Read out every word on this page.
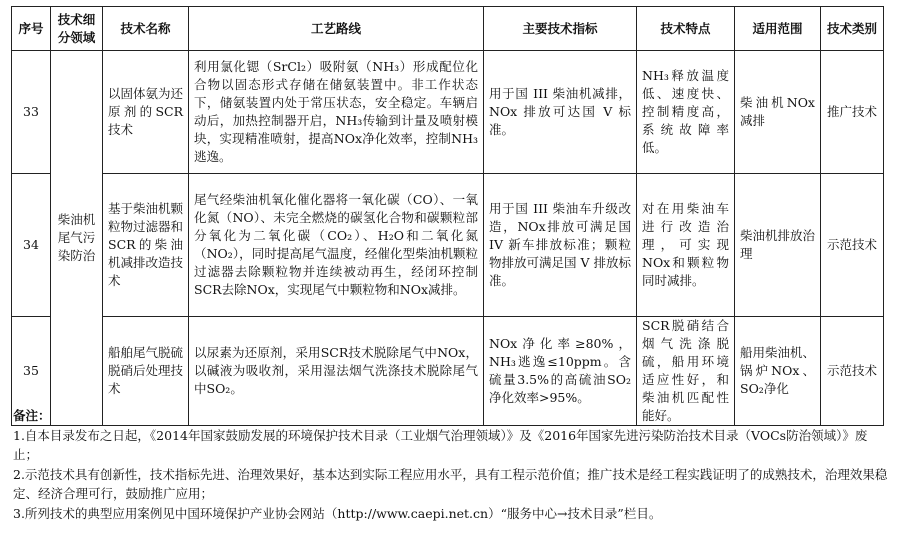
序号	技术细分领域	技术名称	工艺路线	主要技术指标	技术特点	适用范围	技术类别
33	柴油机尾气污染防治	以固体氨为还原剂的SCR技术	利用氯化锶（SrCl₂）吸附氨（NH₃）形成配位化合物以固态形式存储在储氨装置中。非工作状态下，储氨装置内处于常压状态，安全稳定。车辆启动后，加热控制器开启，NH₃传输到计量及喷射模块，实现精准喷射，提高NOx净化效率，控制NH₃逃逸。	用于国 III 柴油机减排，NOx 排放可达国 V 标准。	NH₃释放温度低、速度快、控制精度高，系统故障率低。	柴油机NOx减排	推广技术
34		基于柴油机颗粒物过滤器和SCR的柴油机减排改造技术	尾气经柴油机氧化催化器将一氧化碳（CO）、一氧化氮（NO）、未完全燃烧的碳氢化合物和碳颗粒部分氧化为二氧化碳（CO₂）、H₂O和二氧化氮（NO₂），同时提高尾气温度，经催化型柴油机颗粒过滤器去除颗粒物并连续被动再生，经闭环控制SCR去除NOx，实现尾气中颗粒物和NOx减排。	用于国 III 柴油车升级改造，NOx排放可满足国 IV 新车排放标准；颗粒物排放可满足国 V 排放标准。	对在用柴油车进行改造治理，可实现NOx和颗粒物同时减排。	柴油机排放治理	示范技术
35		船舶尾气脱硫脱硝后处理技术	以尿素为还原剂，采用SCR技术脱除尾气中NOx，以碱液为吸收剂，采用湿法烟气洗涤技术脱除尾气中SO₂。	NOx净化率≥80%，NH₃逃逸≤10ppm。含硫量3.5%的高硫油SO₂净化效率>95%。	SCR脱硝结合烟气洗涤脱硫，船用环境适应性好，和柴油机匹配性能好。	船用柴油机、锅炉NOx、SO₂净化	示范技术

备注：

1.自本目录发布之日起，《2014年国家鼓励发展的环境保护技术目录（工业烟气治理领域）》及《2016年国家先进污染防治技术目录（VOCs防治领域）》废止；

2.示范技术具有创新性，技术指标先进、治理效果好，基本达到实际工程应用水平，具有工程示范价值；推广技术是经工程实践证明了的成熟技术，治理效果稳定、经济合理可行，鼓励推广应用；

3.所列技术的典型应用案例见中国环境保护产业协会网站（http://www.caepi.net.cn）“服务中心→技术目录”栏目。
